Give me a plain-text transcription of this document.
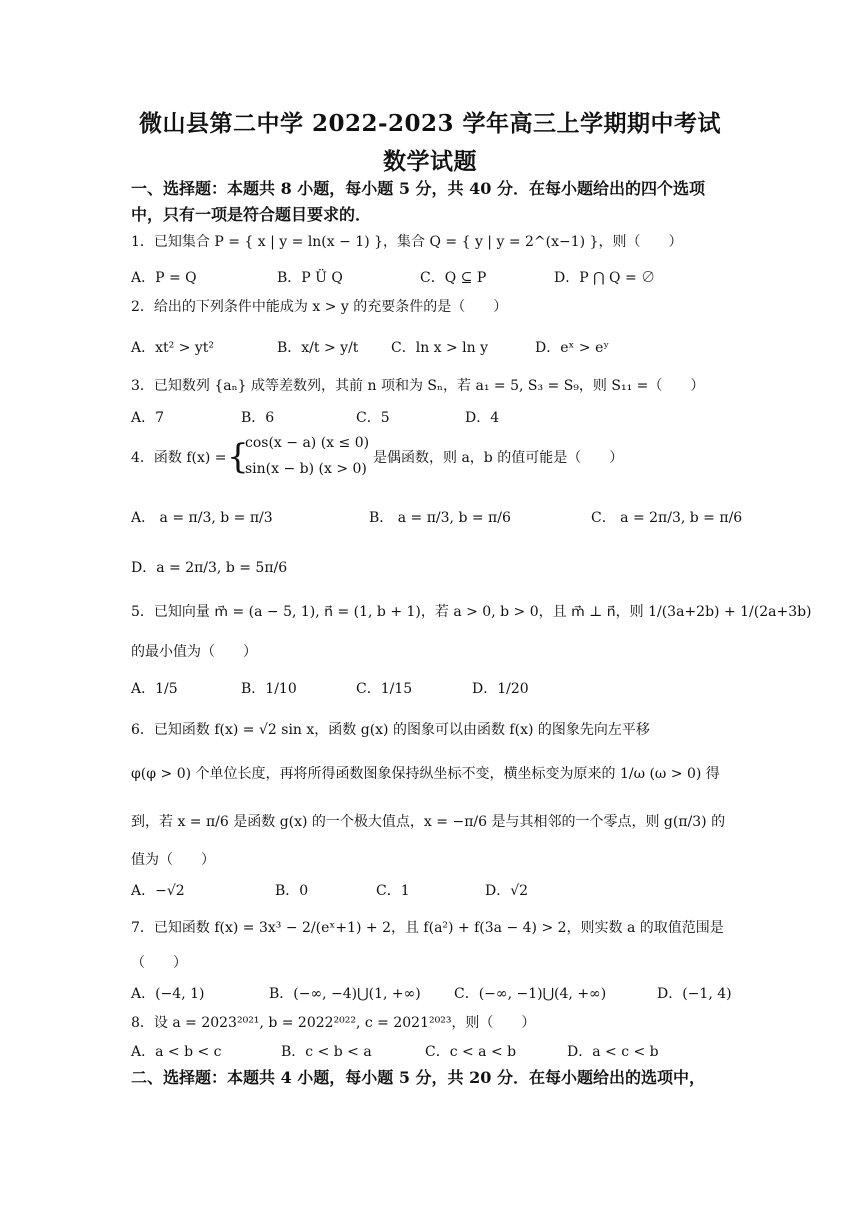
微山县第二中学 2022-2023 学年高三上学期期中考试
数学试题
一、选择题：本题共 8 小题，每小题 5 分，共 40 分．在每小题给出的四个选项
中，只有一项是符合题目要求的．
1．已知集合 P = { x | y = ln(x − 1) }，集合 Q = { y | y = 2^(x−1) }，则（　　）
A．P = Q	B．P Ü Q	C．Q ⊆ P	D．P ⋂ Q = ∅
2．给出的下列条件中能成为 x > y 的充要条件的是（　　）
A．xt² > yt²	B．x/t > y/t C．ln x > ln y	D．eˣ > eʸ
3．已知数列 {aₙ} 成等差数列，其前 n 项和为 Sₙ，若 a₁ = 5, S₃ = S₉，则 S₁₁ =（　　）
A．7	B．6	C．5	D．4
4．函数 f(x) = {
cos(x − a) (x ≤ 0)
sin(x − b) (x > 0)
是偶函数，则 a，b 的值可能是（　　）
A． a = π/3, b = π/3	B． a = π/3, b = π/6	C． a = 2π/3, b = π/6
D．a = 2π/3, b = 5π/6
5．已知向量 m⃗ = (a − 5, 1), n⃗ = (1, b + 1)，若 a > 0, b > 0，且 m⃗ ⊥ n⃗，则 1/(3a+2b) + 1/(2a+3b)
的最小值为（　　）
A．1/5	B．1/10	C．1/15	D．1/20
6．已知函数 f(x) = √2 sin x，函数 g(x) 的图象可以由函数 f(x) 的图象先向左平移
φ(φ > 0) 个单位长度，再将所得函数图象保持纵坐标不变，横坐标变为原来的 1/ω (ω > 0) 得
到，若 x = π/6 是函数 g(x) 的一个极大值点，x = −π/6 是与其相邻的一个零点，则 g(π/3) 的
值为（　　）
A．−√2	B．0	C．1	D．√2
7．已知函数 f(x) = 3x³ − 2/(eˣ+1) + 2，且 f(a²) + f(3a − 4) > 2，则实数 a 的取值范围是
（　　）
A．(−4, 1)	B．(−∞, −4)⋃(1, +∞) C．(−∞, −1)⋃(4, +∞)	D．(−1, 4)
8．设 a = 2023²⁰²¹, b = 2022²⁰²², c = 2021²⁰²³，则（　　）
A．a < b < c	B．c < b < a	C．c < a < b	D．a < c < b
二、选择题：本题共 4 小题，每小题 5 分，共 20 分．在每小题给出的选项中，
